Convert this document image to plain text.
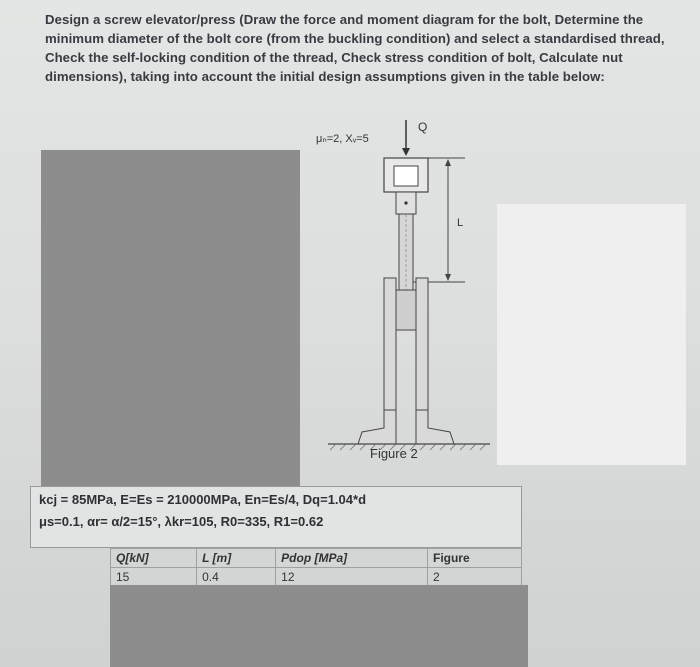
Design a screw elevator/press (Draw the force and moment diagram for the bolt, Determine the minimum diameter of the bolt core (from the buckling condition) and select a standardised thread, Check the self-locking condition of the thread, Check stress condition of bolt, Calculate nut dimensions), taking into account the initial design assumptions given in the table below:
μₙ=2, Xᵥ=5
Q
L
Figure 2
kcj = 85MPa, E=Es = 210000MPa, En=Es/4, Dq=1.04*d
μs=0.1, αr= α/2=15°, λkr=105, R0=335, R1=0.62
Q[kN]	L [m]	Pdop [MPa]	Figure
15	0.4	12	2
